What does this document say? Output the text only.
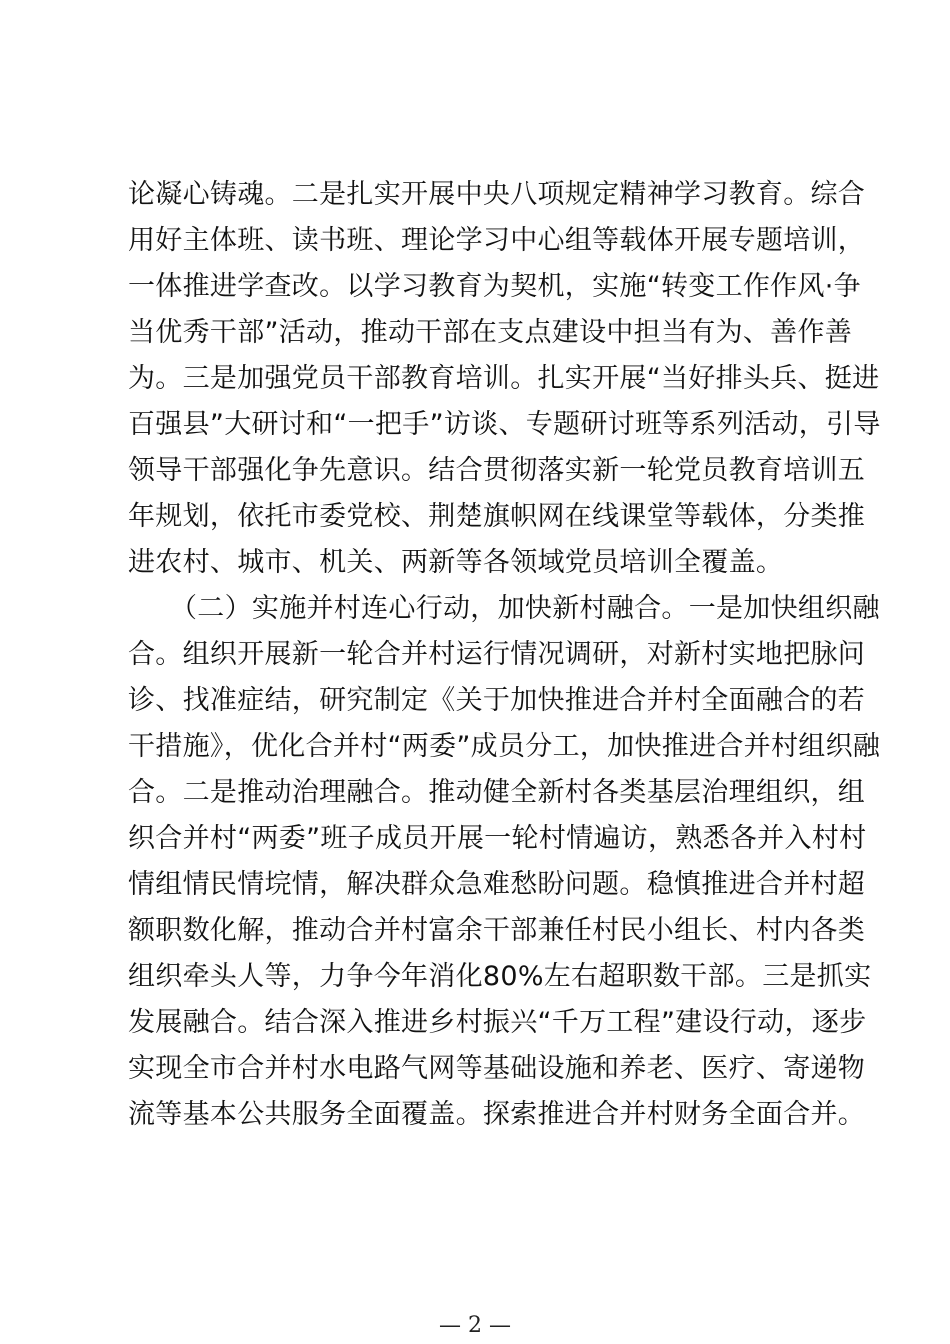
论凝心铸魂。二是扎实开展中央八项规定精神学习教育。综合
用好主体班、读书班、理论学习中心组等载体开展专题培训，
一体推进学查改。以学习教育为契机，实施“转变工作作风·争
当优秀干部”活动，推动干部在支点建设中担当有为、善作善
为。三是加强党员干部教育培训。扎实开展“当好排头兵、挺进
百强县”大研讨和“一把手”访谈、专题研讨班等系列活动，引导
领导干部强化争先意识。结合贯彻落实新一轮党员教育培训五
年规划，依托市委党校、荆楚旗帜网在线课堂等载体，分类推
进农村、城市、机关、两新等各领域党员培训全覆盖。
（二）实施并村连心行动，加快新村融合。一是加快组织融
合。组织开展新一轮合并村运行情况调研，对新村实地把脉问
诊、找准症结，研究制定《关于加快推进合并村全面融合的若
干措施》，优化合并村“两委”成员分工，加快推进合并村组织融
合。二是推动治理融合。推动健全新村各类基层治理组织，组
织合并村“两委”班子成员开展一轮村情遍访，熟悉各并入村村
情组情民情垸情，解决群众急难愁盼问题。稳慎推进合并村超
额职数化解，推动合并村富余干部兼任村民小组长、村内各类
组织牵头人等，力争今年消化80%左右超职数干部。三是抓实
发展融合。结合深入推进乡村振兴“千万工程”建设行动，逐步
实现全市合并村水电路气网等基础设施和养老、医疗、寄递物
流等基本公共服务全面覆盖。探索推进合并村财务全面合并。
— 2 —
